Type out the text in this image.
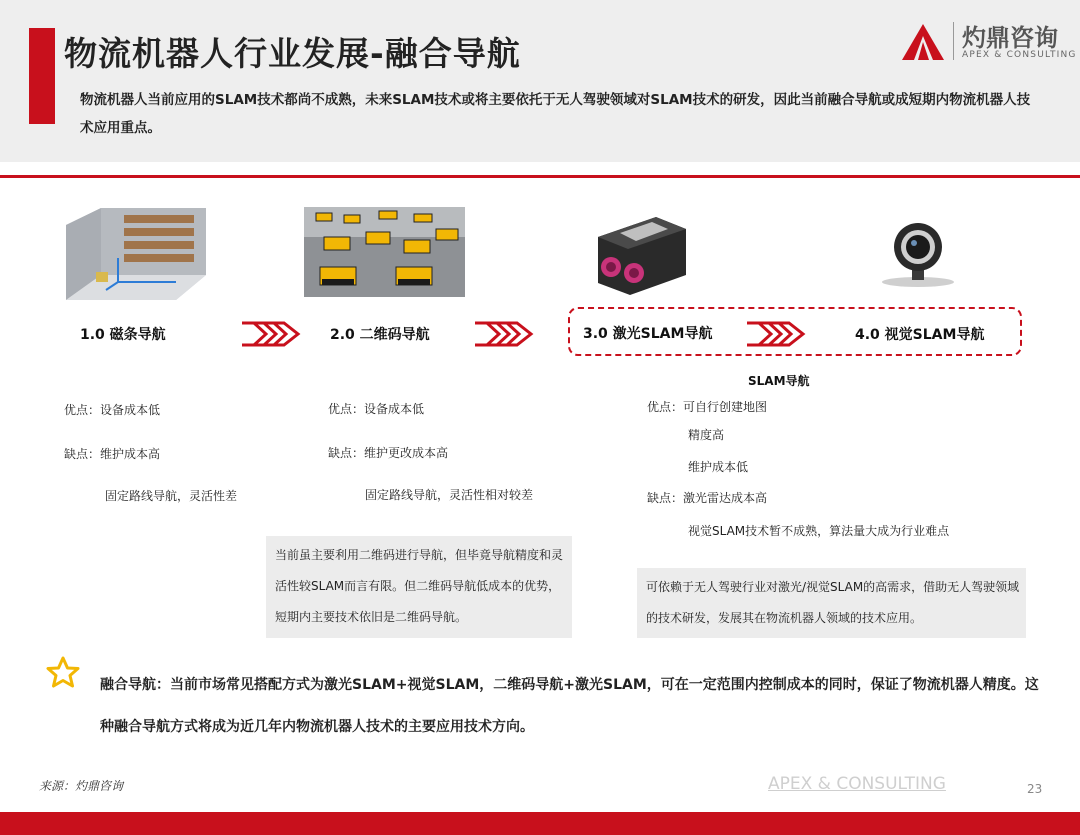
物流机器人行业发展-融合导航	灼鼎咨询
APEX & CONSULTING
物流机器人当前应用的SLAM技术都尚不成熟，未来SLAM技术或将主要依托于无人驾驶领域对SLAM技术的研发，因此当前融合导航或成短期内物流机器人技术应用重点。
1.0 磁条导航	2.0 二维码导航	3.0 激光SLAM导航	4.0 视觉SLAM导航
SLAM导航
优点：设备成本低
缺点：维护成本高
固定路线导航，灵活性差
优点：设备成本低
缺点：维护更改成本高
固定路线导航，灵活性相对较差
当前虽主要利用二维码进行导航，但毕竟导航精度和灵活性较SLAM而言有限。但二维码导航低成本的优势，短期内主要技术依旧是二维码导航。
优点：可自行创建地图
精度高
维护成本低
缺点：激光雷达成本高
视觉SLAM技术暂不成熟，算法量大成为行业难点
可依赖于无人驾驶行业对激光/视觉SLAM的高需求，借助无人驾驶领域的技术研发，发展其在物流机器人领域的技术应用。
融合导航：当前市场常见搭配方式为激光SLAM+视觉SLAM，二维码导航+激光SLAM，可在一定范围内控制成本的同时，保证了物流机器人精度。这种融合导航方式将成为近几年内物流机器人技术的主要应用技术方向。
来源：灼鼎咨询	APEX & CONSULTING	23
